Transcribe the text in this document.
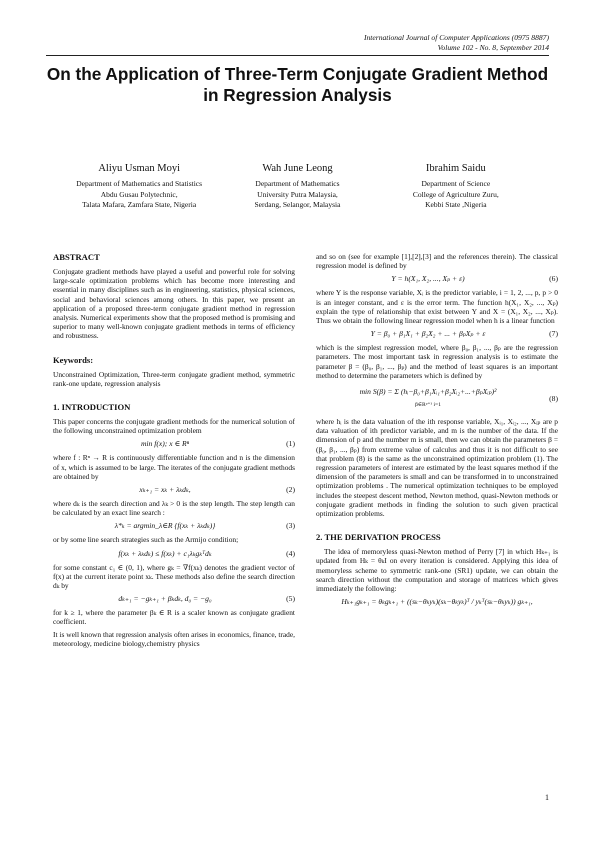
International Journal of Computer Applications (0975 8887)
Volume 102 - No. 8, September 2014
On the Application of Three-Term Conjugate Gradient Method in Regression Analysis
Aliyu Usman Moyi
Department of Mathematics and Statistics
Abdu Gusau Polytechnic,
Talata Mafara, Zamfara State, Nigeria
Wah June Leong
Department of Mathematics
University Putra Malaysia,
Serdang, Selangor, Malaysia
Ibrahim Saidu
Department of Science
College of Agriculture Zuru,
Kebbi State ,Nigeria
ABSTRACT

Conjugate gradient methods have played a useful and powerful role for solving large-scale optimization problems which has become more interesting and essential in many disciplines such as in engineering, statistics, physical sciences, social and behavioral sciences among others. In this paper, we present an application of a proposed three-term conjugate gradient method in regression analysis. Numerical experiments show that the proposed method is promising and superior to many well-known conjugate gradient methods in terms of efficiency and robustness.

Keywords:

Unconstrained Optimization, Three-term conjugate gradient method, symmetric rank-one update, regression analysis

1. INTRODUCTION

This paper concerns the conjugate gradient methods for the numerical solution of the following unconstrained optimization problem

min f(x); x ∈ Rⁿ	(1)

where f : Rⁿ → R is continuously differentiable function and n is the dimension of x, which is assumed to be large. The iterates of the conjugate gradient methods are obtained by

xₖ₊₁ = xₖ + λₖdₖ,	(2)

where dₖ is the search direction and λₖ > 0 is the step length. The step length can be calculated by an exact line search :

λ*ₖ = argmin_λ∈R {f(xₖ + λₖdₖ)}	(3)

or by some line search strategies such as the Armijo condition;

f(xₖ + λₖdₖ) ≤ f(xₖ) + c₁λₖgₖᵀdₖ	(4)

for some constant c₁ ∈ (0, 1), where gₖ = ∇f(xₖ) denotes the gradient vector of f(x) at the current iterate point xₖ. These methods also define the search direction dₖ by

dₖ₊₁ = −gₖ₊₁ + βₖdₖ, d₀ = −g₀	(5)

for k ≥ 1, where the parameter βₖ ∈ R is a scaler known as conjugate gradient coefficient.

It is well known that regression analysis often arises in economics, finance, trade, meteorology, medicine biology,chemistry physics

and so on (see for example [1],[2],[3] and the references therein). The classical regression model is defined by

Y = h(X₁, X₂, ..., Xₚ + ε)	(6)

where Y is the response variable, Xᵢ is the predictor variable, i = 1, 2, ..., p, p > 0 is an integer constant, and ε is the error term. The function h(X₁, X₂, ..., Xₚ) explain the type of relationship that exist between Y and X = (X₁, X₂, ..., Xₚ). Thus we obtain the following linear regression model when h is a linear function

Y = β₀ + β₁X₁ + β₂X₂ + ... + βₚXₚ + ε	(7)

which is the simplest regression model, where β₀, β₁, ..., βₚ are the regression parameters. The most important task in regression analysis is to estimate the parameter β = (β₀, β₁, ..., βₚ) and the method of least squares is an important method to determine the parameters which is defined by

min S(β) = Σ (hᵢ−β₀+β₁Xᵢ₁+β₂Xᵢ₂+...+βₚXᵢₚ)²
β∈Rᵖ⁺¹ i=1
(8)

where hᵢ is the data valuation of the ith response variable, Xᵢ₁, Xᵢ₂, ..., Xᵢₚ are p data valuation of ith predictor variable, and m is the number of the data. If the dimension of p and the number m is small, then we can obtain the parameters β = (β₀, β₁, ..., βₚ) from extreme value of calculus and thus it is not difficult to see that problem (8) is the same as the unconstrained optimization problem (1). The regression parameters of interest are estimated by the least squares method if the dimension of the parameters is small and can be transformed in to unconstrained optimization problems . The numerical optimization techniques to be employed includes the steepest descent method, Newton method, quasi-Newton methods or conjugate gradient methods in finding the solution to such given practical optimization problems.

2. THE DERIVATION PROCESS

The idea of memoryless quasi-Newton method of Perry [7] in which Hₖ₊₁ is updated from Hₖ = θₖI on every iteration is considered. Applying this idea of memoryless scheme to symmetric rank-one (SR1) update, we can obtain the search direction without the computation and storage of matrices which gives immediately the following:

Hₖ₊₁gₖ₊₁ = θₖgₖ₊₁ + ((sₖ−θₖyₖ)(sₖ−θₖyₖ)ᵀ / yₖᵀ(sₖ−θₖyₖ)) gₖ₊₁,
1
